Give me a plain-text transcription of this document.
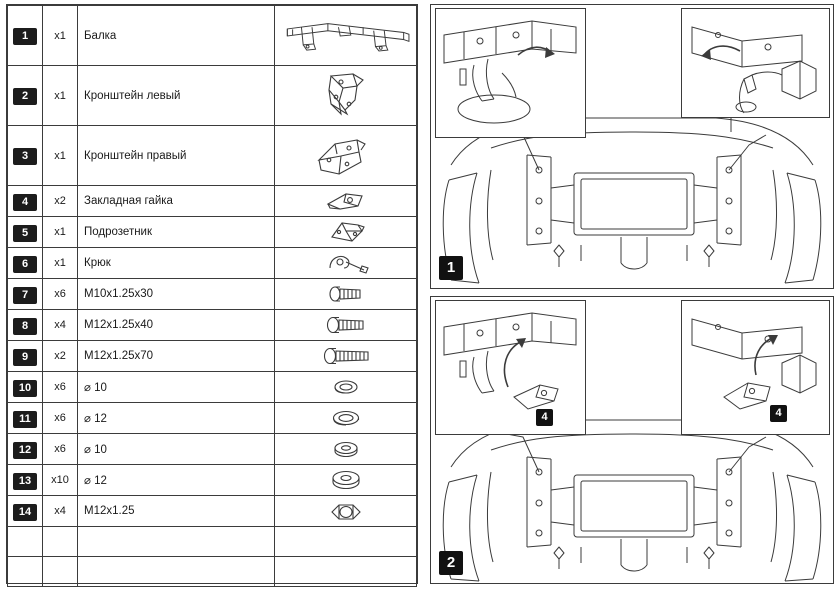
1	x1	Балка	

2	x1	Кронштейн левый	

3	x1	Кронштейн правый	

4	x2	Закладная гайка	

5	x1	Подрозетник	

6	x1	Крюк	

7	x6	M10x1.25x30	

8	x4	M12x1.25x40	

9	x2	M12x1.25x70	

10	x6	⌀ 10	

11	x6	⌀ 12	

12	x6	⌀ 10	

13	x10	⌀ 12	

14	x4	M12x1.25	

1
4	4
2
